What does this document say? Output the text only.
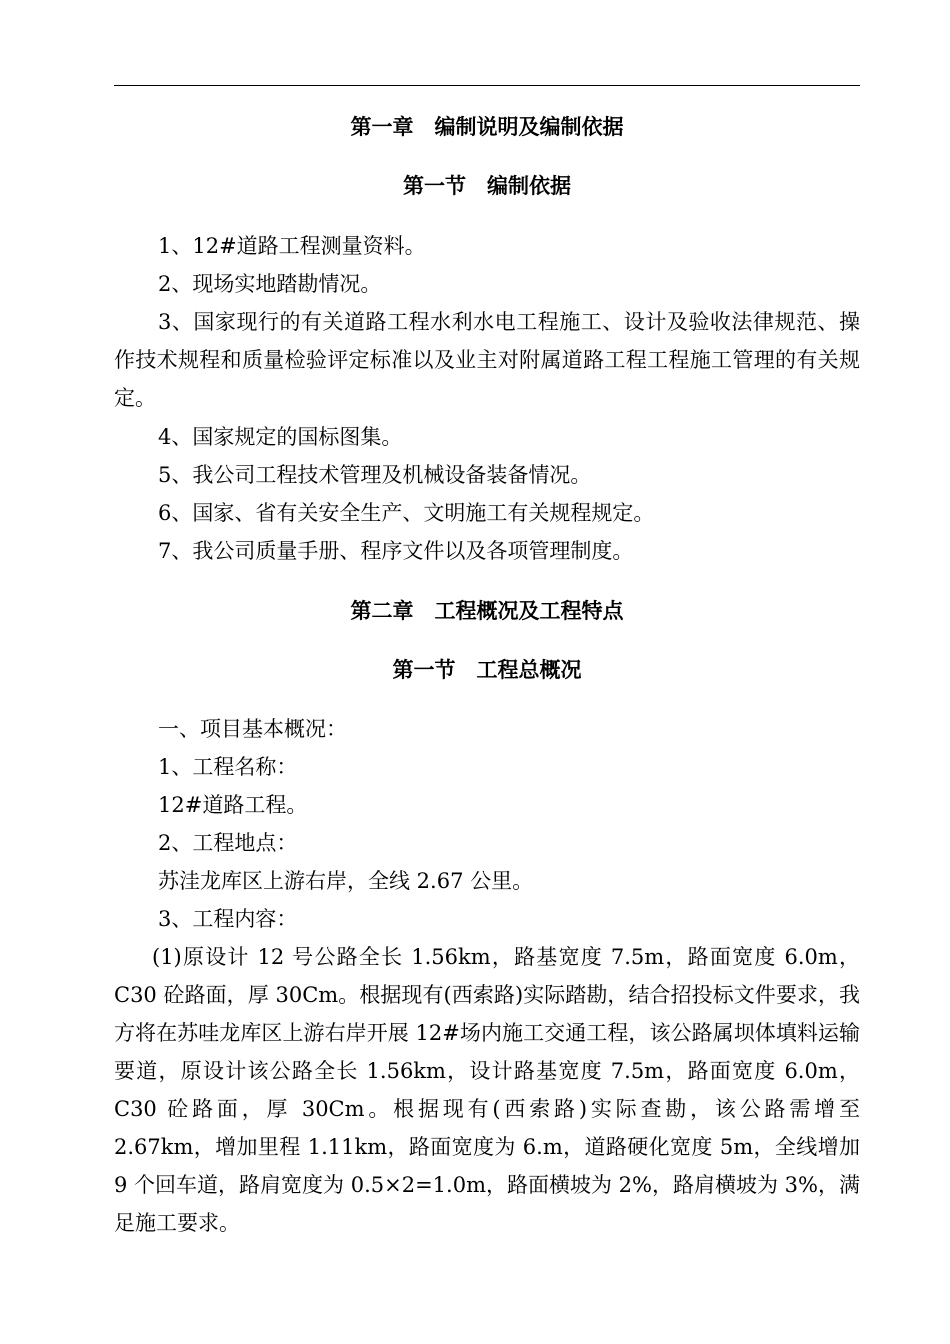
第一章　编制说明及编制依据
第一节　编制依据
1、12#道路工程测量资料。
2、现场实地踏勘情况。
3、国家现行的有关道路工程水利水电工程施工、设计及验收法律规范、操作技术规程和质量检验评定标准以及业主对附属道路工程工程施工管理的有关规定。
4、国家规定的国标图集。
5、我公司工程技术管理及机械设备装备情况。
6、国家、省有关安全生产、文明施工有关规程规定。
7、我公司质量手册、程序文件以及各项管理制度。
第二章　工程概况及工程特点
第一节　工程总概况
一、项目基本概况：
1、工程名称：
12#道路工程。
2、工程地点：
苏洼龙库区上游右岸，全线 2.67 公里。
3、工程内容：
(1)原设计 12 号公路全长 1.56km，路基宽度 7.5m，路面宽度 6.0m，C30 砼路面，厚 30Cm。根据现有(西索路)实际踏勘，结合招投标文件要求，我方将在苏哇龙库区上游右岸开展 12#场内施工交通工程，该公路属坝体填料运输要道，原设计该公路全长 1.56km，设计路基宽度 7.5m，路面宽度 6.0m，C30 砼路面，厚 30Cm。根据现有(西索路)实际查勘，该公路需增至 2.67km，增加里程 1.11km，路面宽度为 6.m，道路硬化宽度 5m，全线增加 9 个回车道，路肩宽度为 0.5×2=1.0m，路面横坡为 2%，路肩横坡为 3%，满足施工要求。
